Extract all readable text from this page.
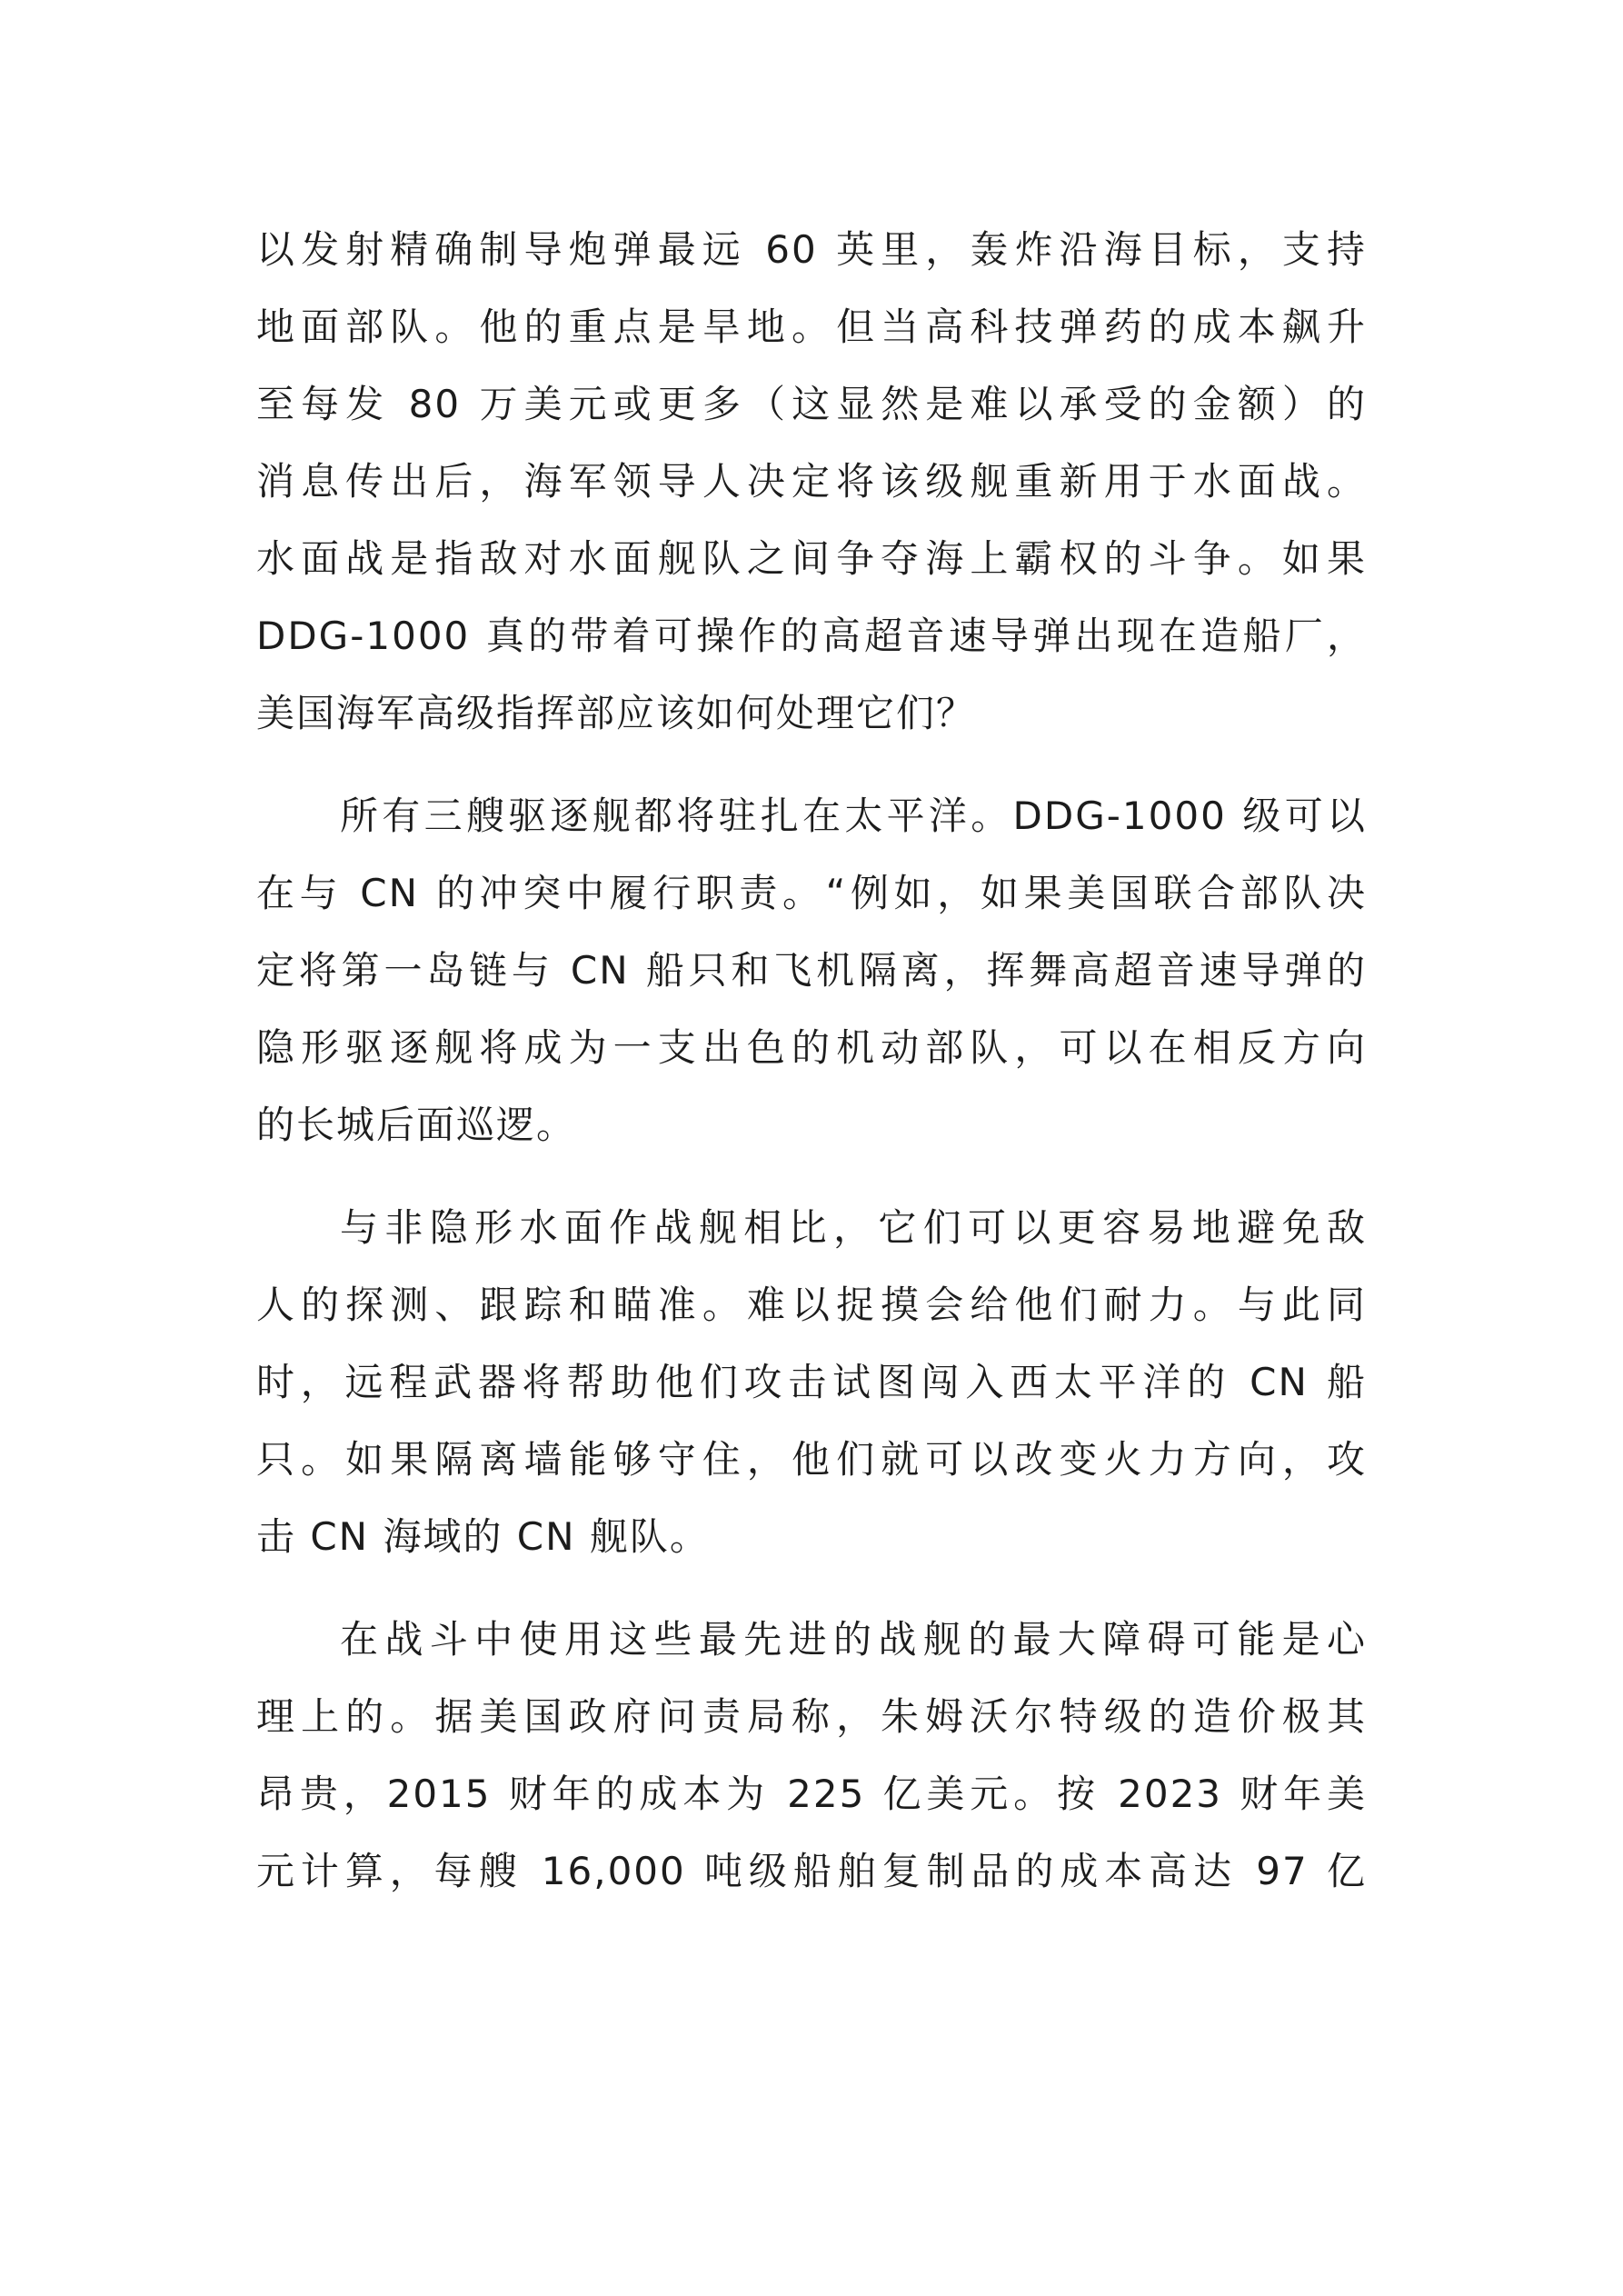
以发射精确制导炮弹最远 60 英里，轰炸沿海目标，支持
地面部队。他的重点是旱地。但当高科技弹药的成本飙升
至每发 80 万美元或更多（这显然是难以承受的金额）的
消息传出后，海军领导人决定将该级舰重新用于水面战。
水面战是指敌对水面舰队之间争夺海上霸权的斗争。如果
DDG-1000 真的带着可操作的高超音速导弹出现在造船厂，
美国海军高级指挥部应该如何处理它们？
所有三艘驱逐舰都将驻扎在太平洋。DDG-1000 级可以
在与 CN 的冲突中履行职责。“例如，如果美国联合部队决
定将第一岛链与 CN 船只和飞机隔离，挥舞高超音速导弹的
隐形驱逐舰将成为一支出色的机动部队，可以在相反方向
的长城后面巡逻。
与非隐形水面作战舰相比，它们可以更容易地避免敌
人的探测、跟踪和瞄准。难以捉摸会给他们耐力。与此同
时，远程武器将帮助他们攻击试图闯入西太平洋的 CN 船
只。如果隔离墙能够守住，他们就可以改变火力方向，攻
击 CN 海域的 CN 舰队。
在战斗中使用这些最先进的战舰的最大障碍可能是心
理上的。据美国政府问责局称，朱姆沃尔特级的造价极其
昂贵，2015 财年的成本为 225 亿美元。按 2023 财年美
元计算，每艘 16,000 吨级船舶复制品的成本高达 97 亿
